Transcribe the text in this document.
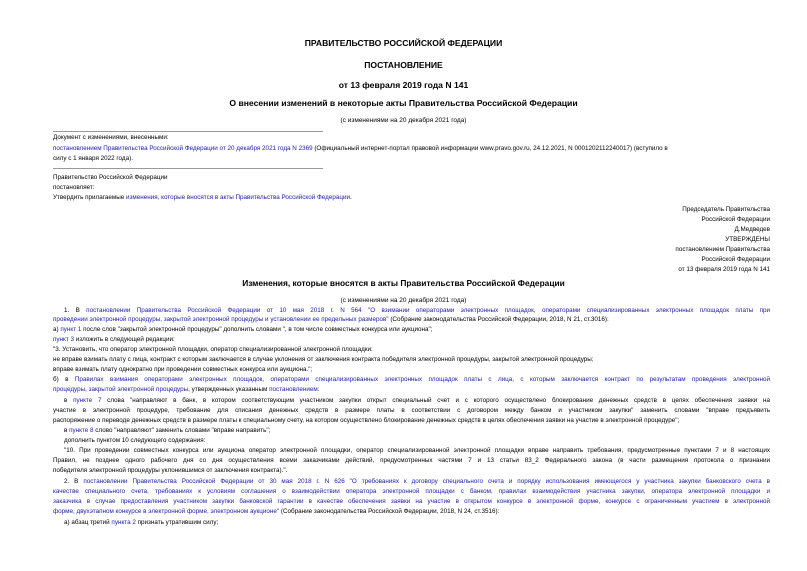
ПРАВИТЕЛЬСТВО РОССИЙСКОЙ ФЕДЕРАЦИИ
ПОСТАНОВЛЕНИЕ
от 13 февраля 2019 года N 141
О внесении изменений в некоторые акты Правительства Российской Федерации
(с изменениями на 20 декабря 2021 года)
Документ с изменениями, внесенными:
постановлением Правительства Российской Федерации от 20 декабря 2021 года N 2369 (Официальный интернет-портал правовой информации www.pravo.gov.ru, 24.12.2021, N 0001202112240017) (вступило в
силу с 1 января 2022 года).
Правительство Российской Федерации
постановляет:
Утвердить прилагаемые изменения, которые вносятся в акты Правительства Российской Федерации.
Председатель Правительства
Российской Федерации
Д.Медведев
УТВЕРЖДЕНЫ
постановлением Правительства
Российской Федерации
от 13 февраля 2019 года N 141
Изменения, которые вносятся в акты Правительства Российской Федерации
(с изменениями на 20 декабря 2021 года)
1. В постановлении Правительства Российской Федерации от 10 мая 2018 г. N 564 "О взимании операторами электронных площадок, операторами специализированных электронных площадок платы при
проведении электронной процедуры, закрытой электронной процедуры и установлении ее предельных размеров" (Собрание законодательства Российской Федерации, 2018, N 21, ст.3016):
а) пункт 1 после слов "закрытой электронной процедуры" дополнить словами ", в том числе совместных конкурса или аукциона";
пункт 3 изложить в следующей редакции:
"3. Установить, что оператор электронной площадки, оператор специализированной электронной площадки:
не вправе взимать плату с лица, контракт с которым заключается в случае уклонения от заключения контракта победителя электронной процедуры, закрытой электронной процедуры;
вправе взимать плату однократно при проведении совместных конкурса или аукциона.";
б) в Правилах взимания операторами электронных площадок, операторами специализированных электронных площадок платы с лица, с которым заключается контракт по результатам проведения электронной
процедуры, закрытой электронной процедуры, утвержденных указанным постановлением:
в пункте 7 слова "направляют в банк, в котором соответствующим участником закупки открыт специальный счет и с которого осуществлено блокирование денежных средств в целях обеспечения заявки на
участие в электронной процедуре, требование для списания денежных средств в размере платы в соответствии с договором между банком и участником закупки" заменить словами "вправе предъявить
распоряжение о переводе денежных средств в размере платы к специальному счету, на котором осуществлено блокирование денежных средств в целях обеспечения заявки на участие в электронной процедуре";
в пункте 8 слово "направляют" заменить словами "вправе направить";
дополнить пунктом 10 следующего содержания:
"10. При проведении совместных конкурса или аукциона оператор электронной площадки, оператор специализированной электронной площадки вправе направить требования, предусмотренные пунктами 7 и 8 настоящих
Правил, не позднее одного рабочего дня со дня осуществления всеми заказчиками действий, предусмотренных частями 7 и 13 статьи 83_2 Федерального закона (в части размещения протокола о признании
победителя электронной процедуры уклонившимся от заключения контракта).".
2. В постановлении Правительства Российской Федерации от 30 мая 2018 г. N 626 "О требованиях к договору специального счета и порядку использования имеющегося у участника закупки банковского счета в
качестве специального счета, требованиях к условиям соглашения о взаимодействии оператора электронной площадки с банком, правилах взаимодействия участника закупки, оператора электронной площадки и
заказчика в случае предоставления участником закупки банковской гарантии в качестве обеспечения заявки на участие в открытом конкурсе в электронной форме, конкурсе с ограниченным участием в электронной
форме, двухэтапном конкурсе в электронной форме, электронном аукционе" (Собрание законодательства Российской Федерации, 2018, N 24, ст.3516):
а) абзац третий пункта 2 признать утратившим силу;
